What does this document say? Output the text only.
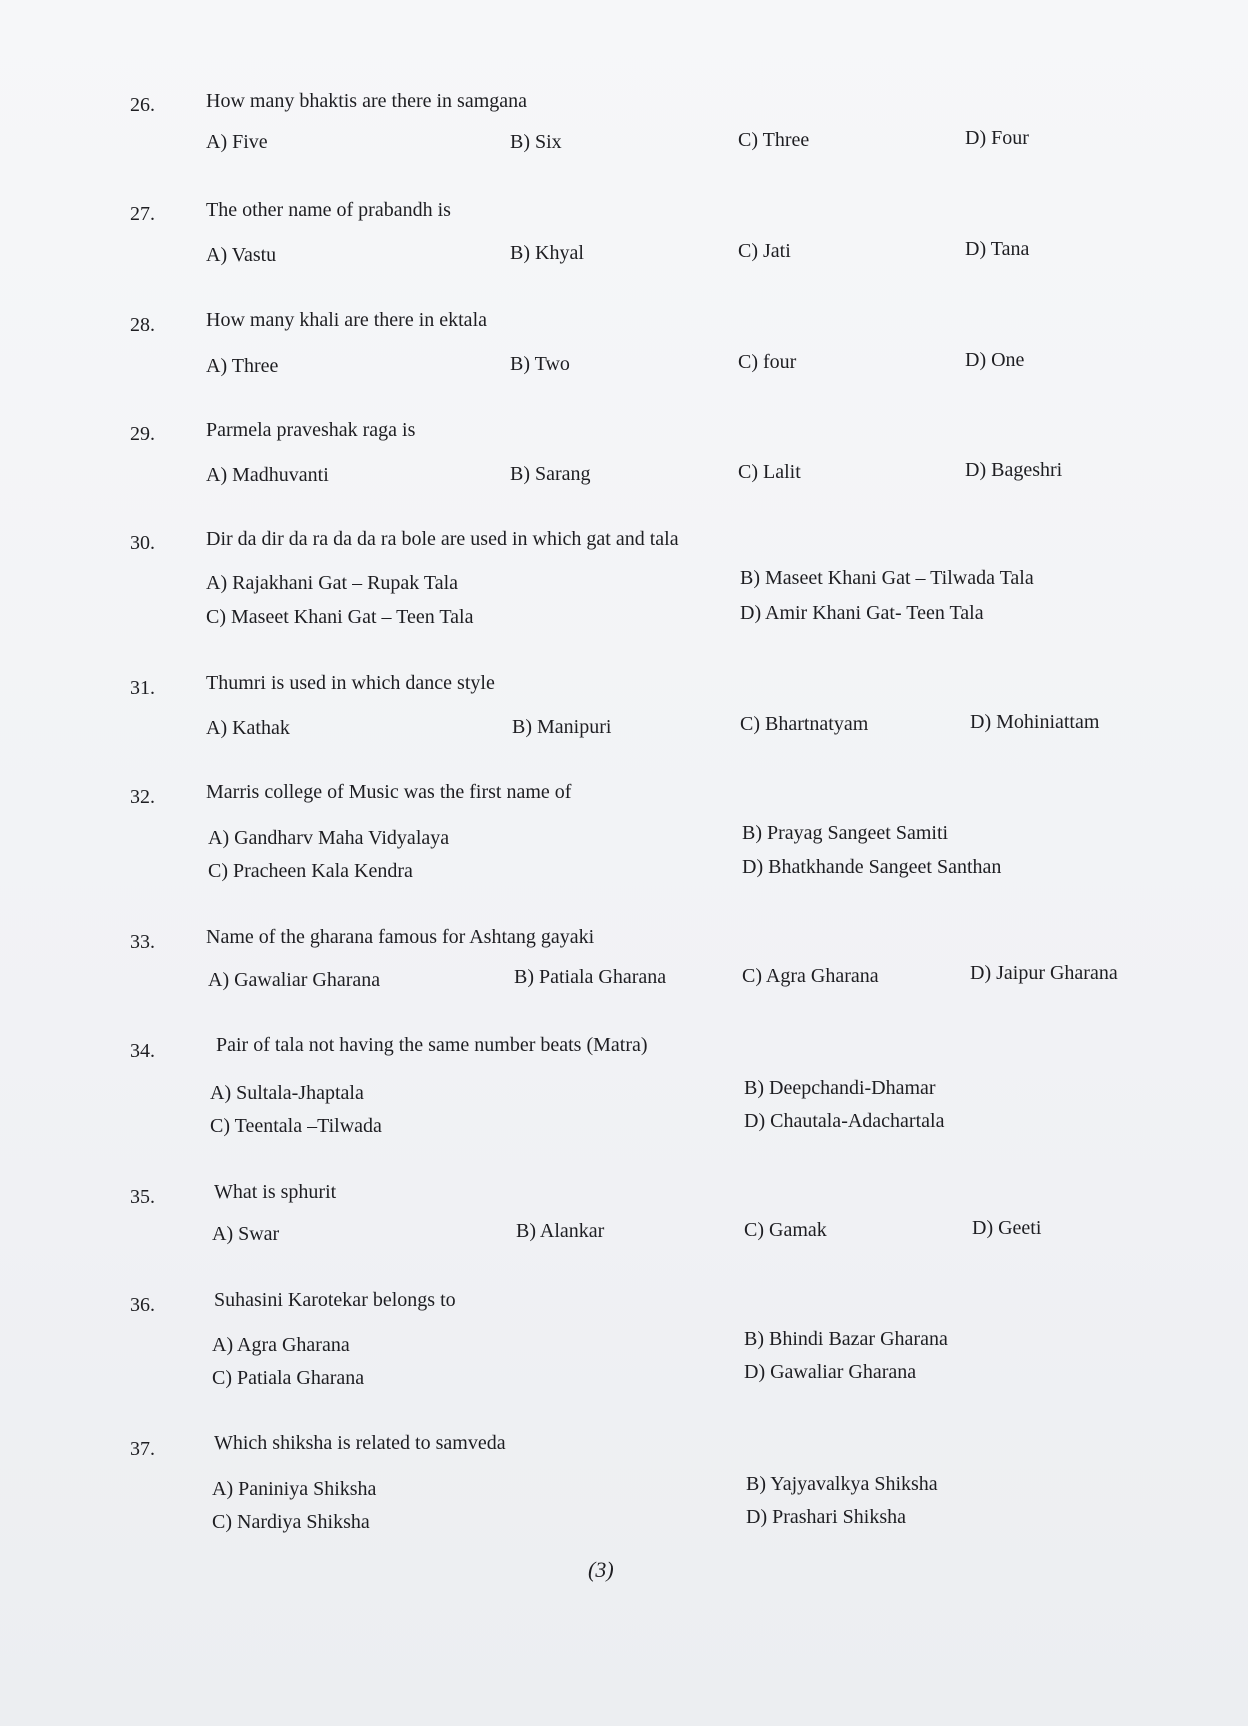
26.	How many bhaktis are there in samgana
A) Five	B) Six	C) Three	D) Four
27.	The other name of prabandh is
A) Vastu	B) Khyal	C) Jati	D) Tana
28.	How many khali are there in ektala
A) Three	B) Two	C) four	D) One
29.	Parmela praveshak raga is
A) Madhuvanti	B) Sarang	C) Lalit	D) Bageshri
30.	Dir da dir da ra da da ra bole are used in which gat and tala
A) Rajakhani Gat – Rupak Tala	B) Maseet Khani Gat – Tilwada Tala
C) Maseet Khani Gat – Teen Tala	D) Amir Khani Gat- Teen Tala
31.	Thumri is used in which dance style
A) Kathak	B) Manipuri	C) Bhartnatyam	D) Mohiniattam
32.	Marris college of Music was the first name of
A) Gandharv Maha Vidyalaya	B) Prayag Sangeet Samiti
C) Pracheen Kala Kendra	D) Bhatkhande Sangeet Santhan
33.	Name of the gharana famous for Ashtang gayaki
A) Gawaliar Gharana	B) Patiala Gharana	C) Agra Gharana	D) Jaipur Gharana
34.	Pair of tala not having the same number beats (Matra)
A) Sultala-Jhaptala	B) Deepchandi-Dhamar
C) Teentala –Tilwada	D) Chautala-Adachartala
35.	What is sphurit
A) Swar	B) Alankar	C) Gamak	D) Geeti
36.	Suhasini Karotekar belongs to
A) Agra Gharana	B) Bhindi Bazar Gharana
C) Patiala Gharana	D) Gawaliar Gharana
37.	Which shiksha is related to samveda
A) Paniniya Shiksha	B) Yajyavalkya Shiksha
C) Nardiya Shiksha	D) Prashari Shiksha
(3)
